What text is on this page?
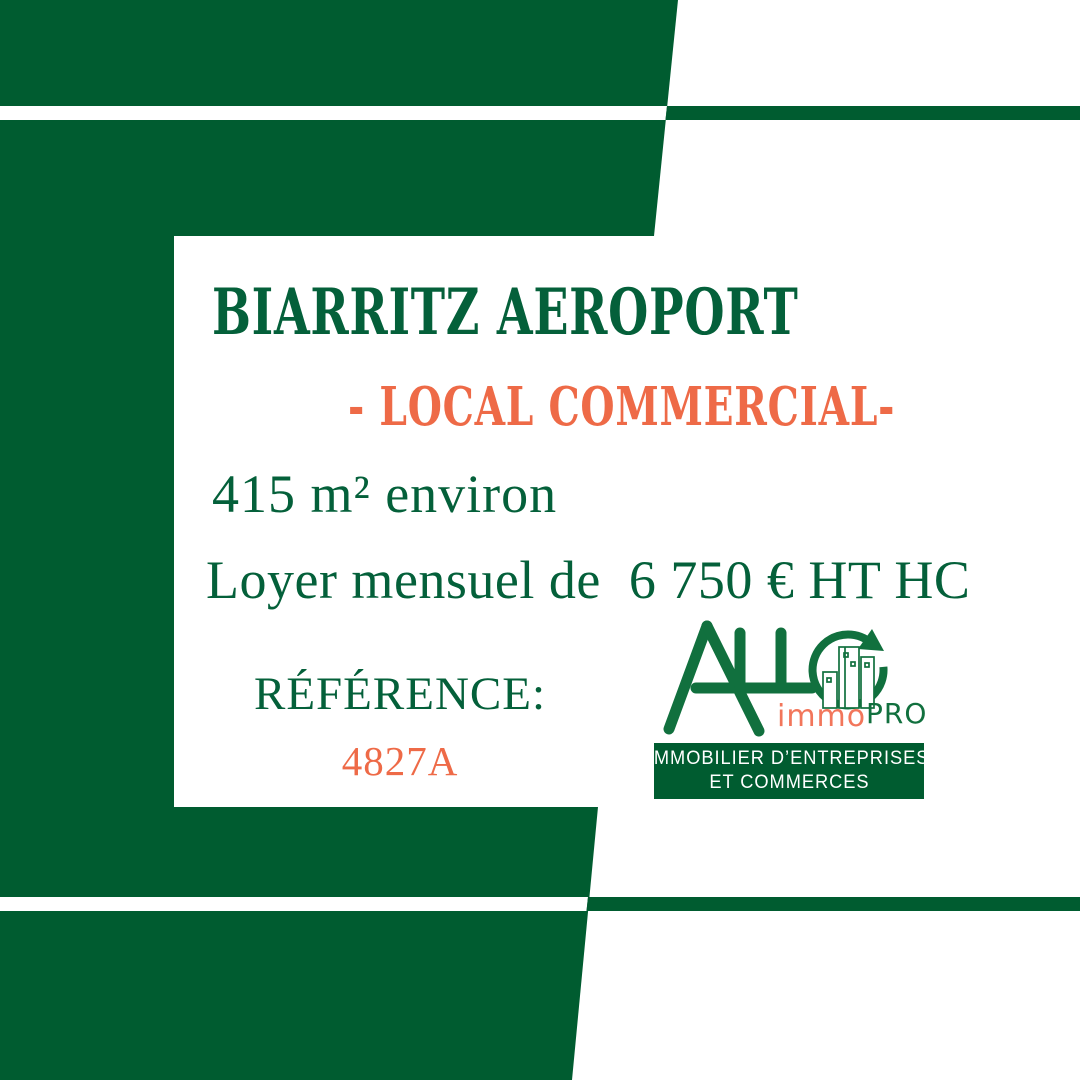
BIARRITZ AEROPORT
- LOCAL COMMERCIAL-
415 m² environ
Loyer mensuel de  6 750 € HT HC
RÉFÉRENCE:
4827A
immo PRO
IMMOBILIER D’ENTREPRISES
ET COMMERCES
